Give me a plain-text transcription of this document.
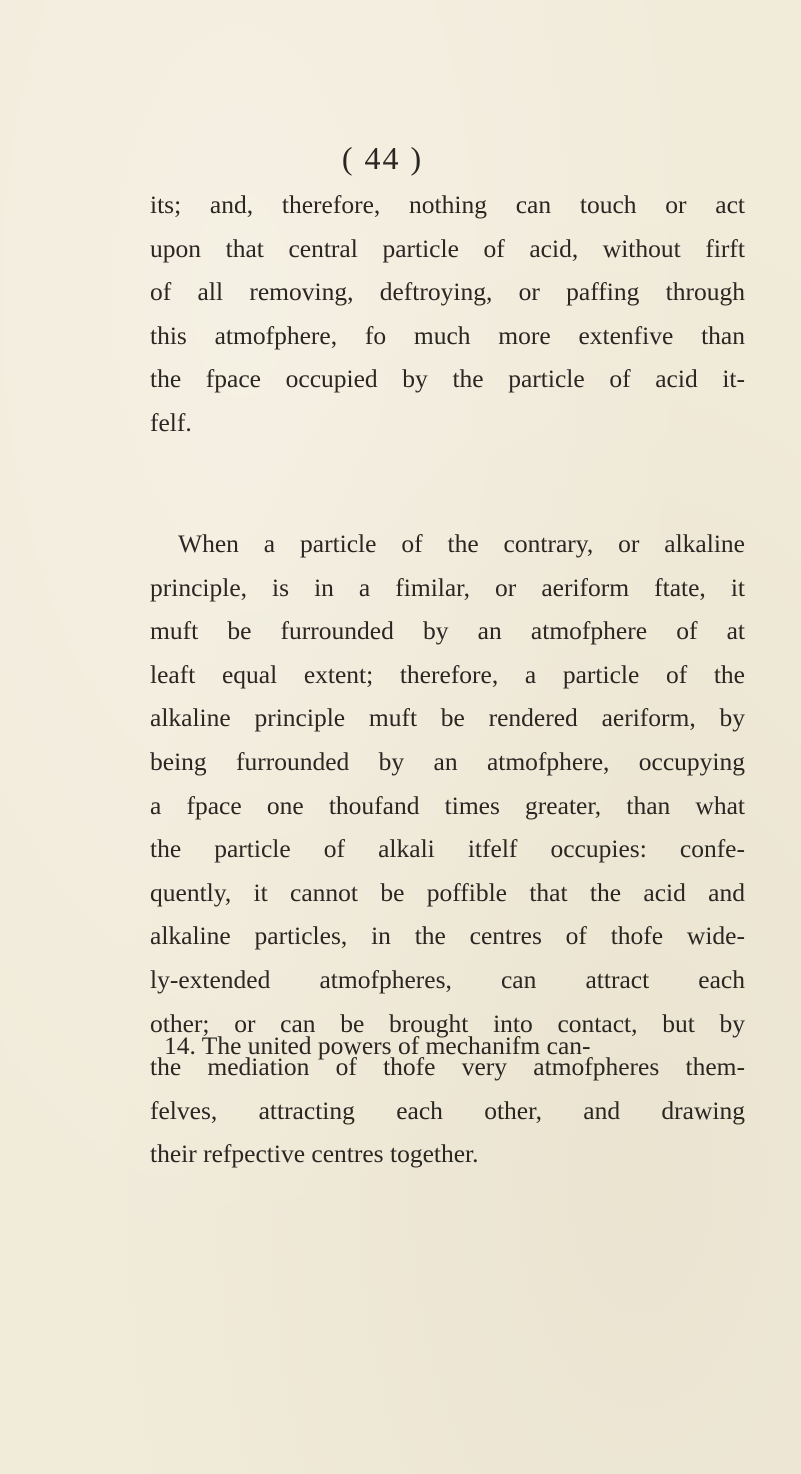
( 44 )
its; and, therefore, nothing can touch or act
upon that central particle of acid, without firft
of all removing, deftroying, or paffing through
this atmofphere, fo much more extenfive than
the fpace occupied by the particle of acid it-
felf.
When a particle of the contrary, or alkaline
principle, is in a fimilar, or aeriform ftate, it
muft be furrounded by an atmofphere of at
leaft equal extent; therefore, a particle of the
alkaline principle muft be rendered aeriform, by
being furrounded by an atmofphere, occupying
a fpace one thoufand times greater, than what
the particle of alkali itfelf occupies: confe-
quently, it cannot be poffible that the acid and
alkaline particles, in the centres of thofe wide-
ly-extended atmofpheres, can attract each
other; or can be brought into contact, but by
the mediation of thofe very atmofpheres them-
felves, attracting each other, and drawing
their refpective centres together.
14. The united powers of mechanifm can-
